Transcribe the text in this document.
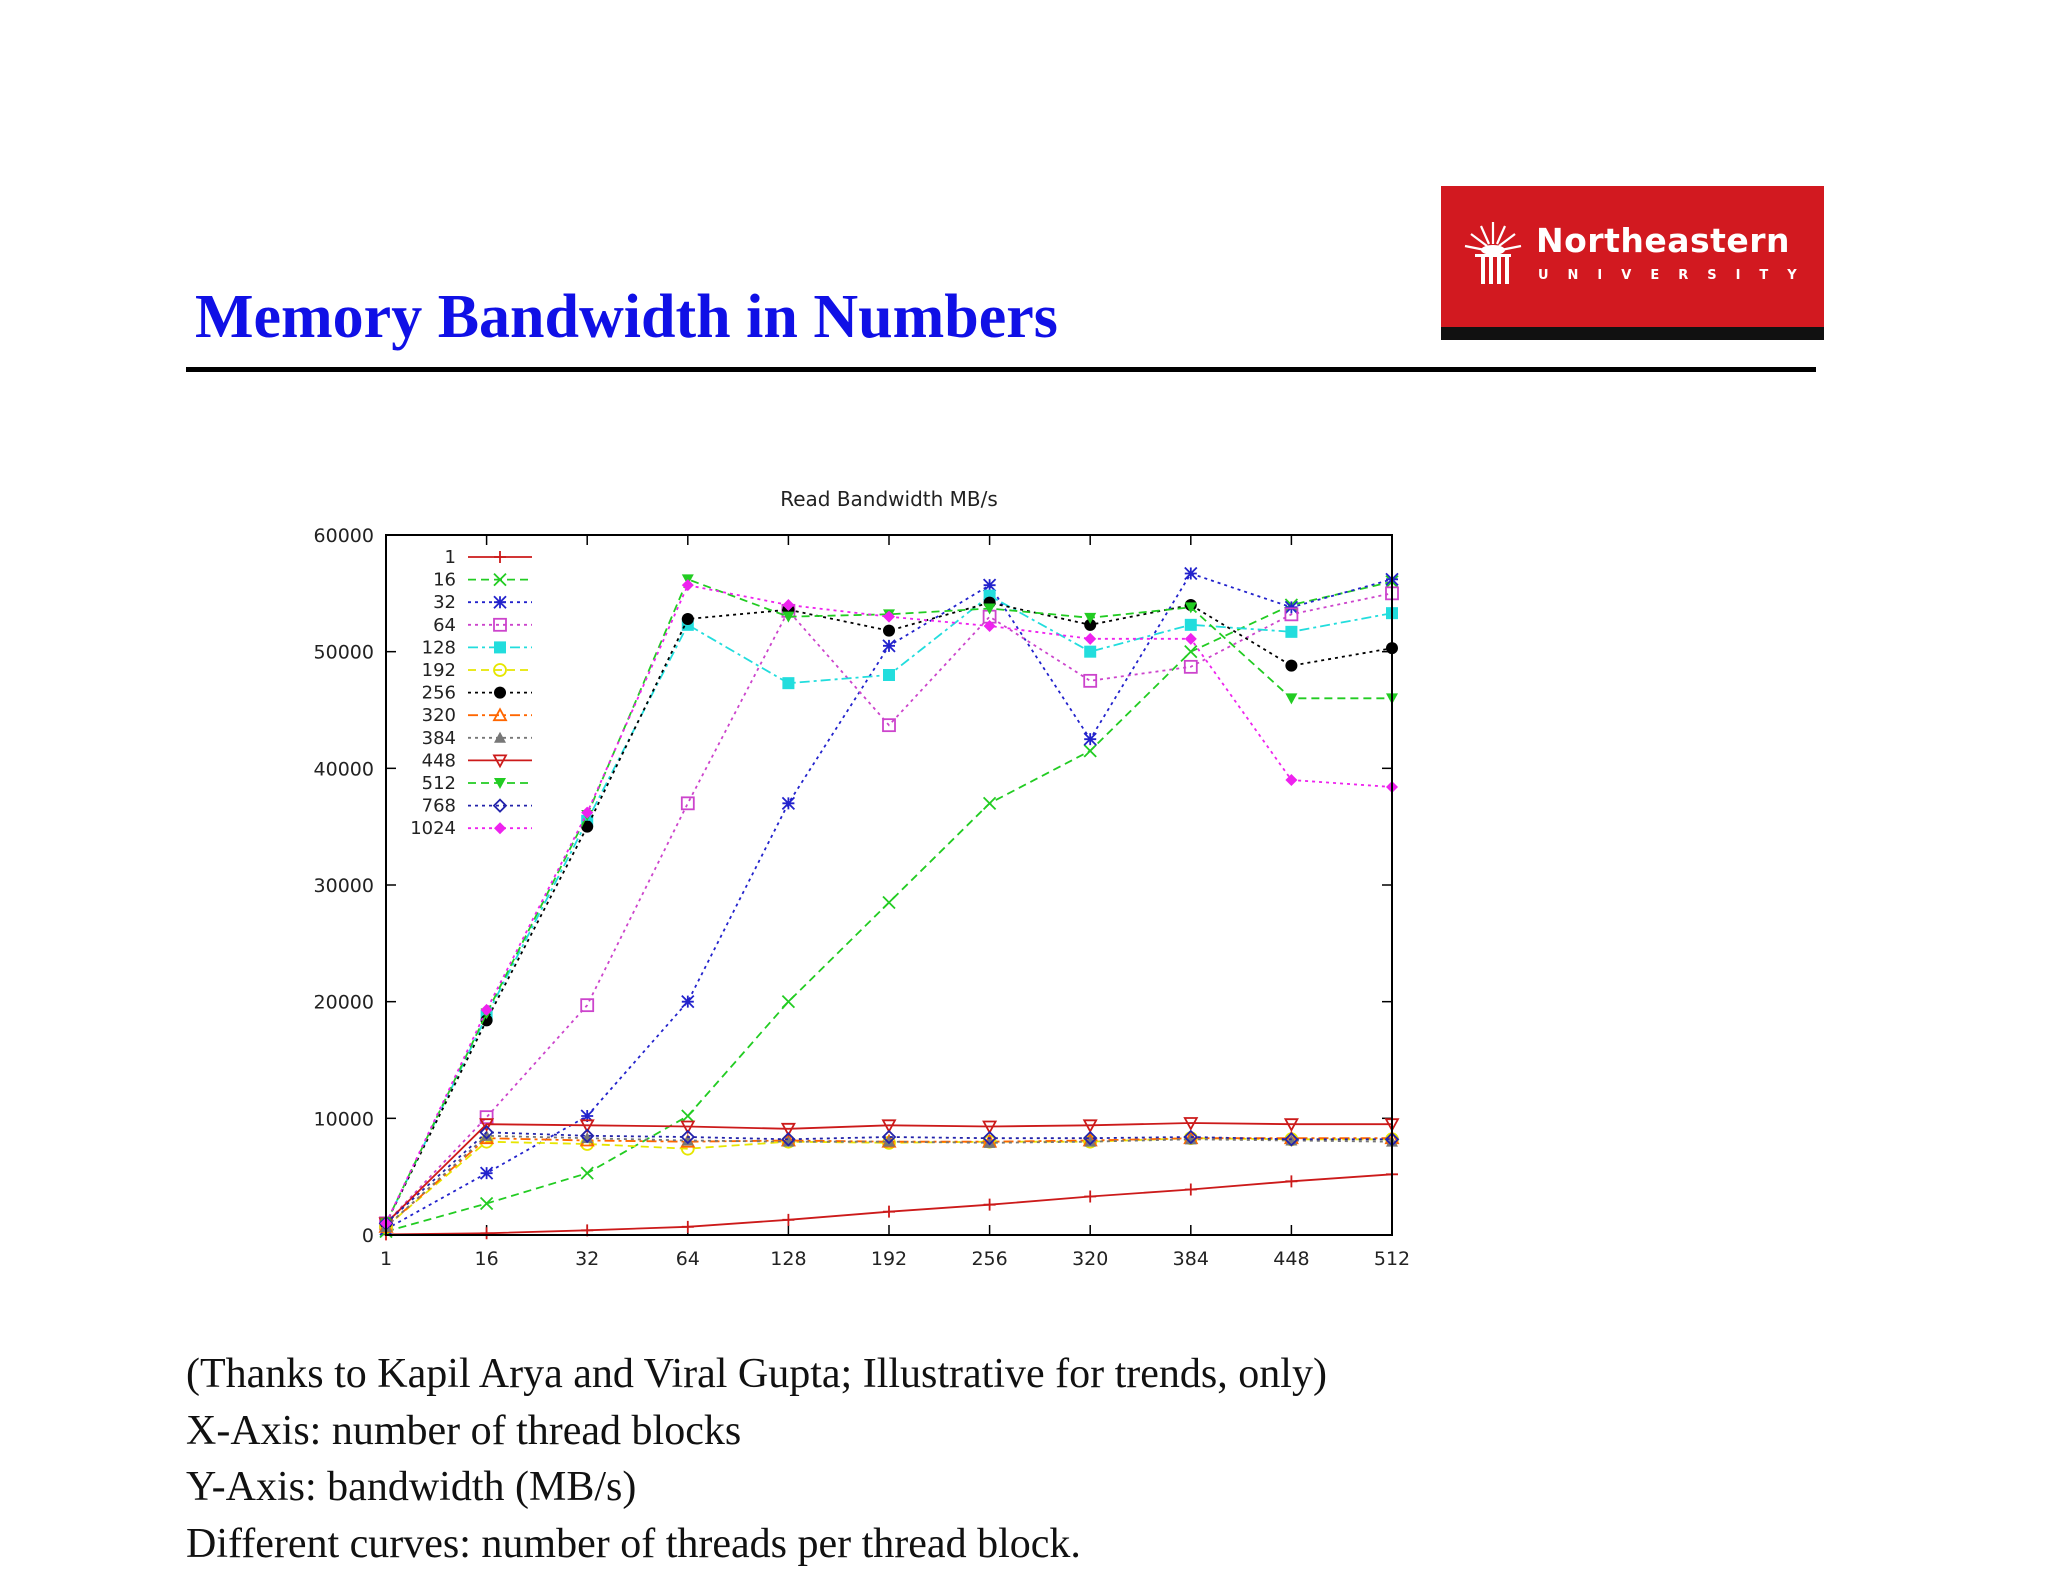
Memory Bandwidth in Numbers
Northeastern
UNIVERSITY
Read Bandwidth MB/s
0
10000
20000
30000
40000
50000
60000
1	16	32	64	128	192	256	320	384	448	512
1
16
32
64
128
192
256
320
384
448
512
768
1024
(Thanks to Kapil Arya and Viral Gupta; Illustrative for trends, only)
X-Axis: number of thread blocks
Y-Axis: bandwidth (MB/s)
Different curves: number of threads per thread block.
